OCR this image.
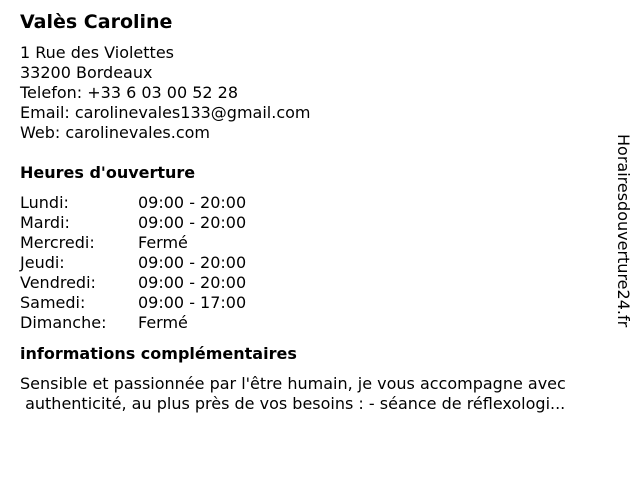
Valès Caroline
1 Rue des Violettes
33200 Bordeaux
Telefon: +33 6 03 00 52 28
Email: carolinevales133@gmail.com
Web: carolinevales.com
Heures d'ouverture
Lundi:	09:00 - 20:00
Mardi:	09:00 - 20:00
Mercredi:	Fermé
Jeudi:	09:00 - 20:00
Vendredi:	09:00 - 20:00
Samedi:	09:00 - 17:00
Dimanche:	Fermé
informations complémentaires
Sensible et passionnée par l'être humain, je vous accompagne avec
authenticité, au plus près de vos besoins : - séance de réflexologi...
Horairesdouverture24.fr
